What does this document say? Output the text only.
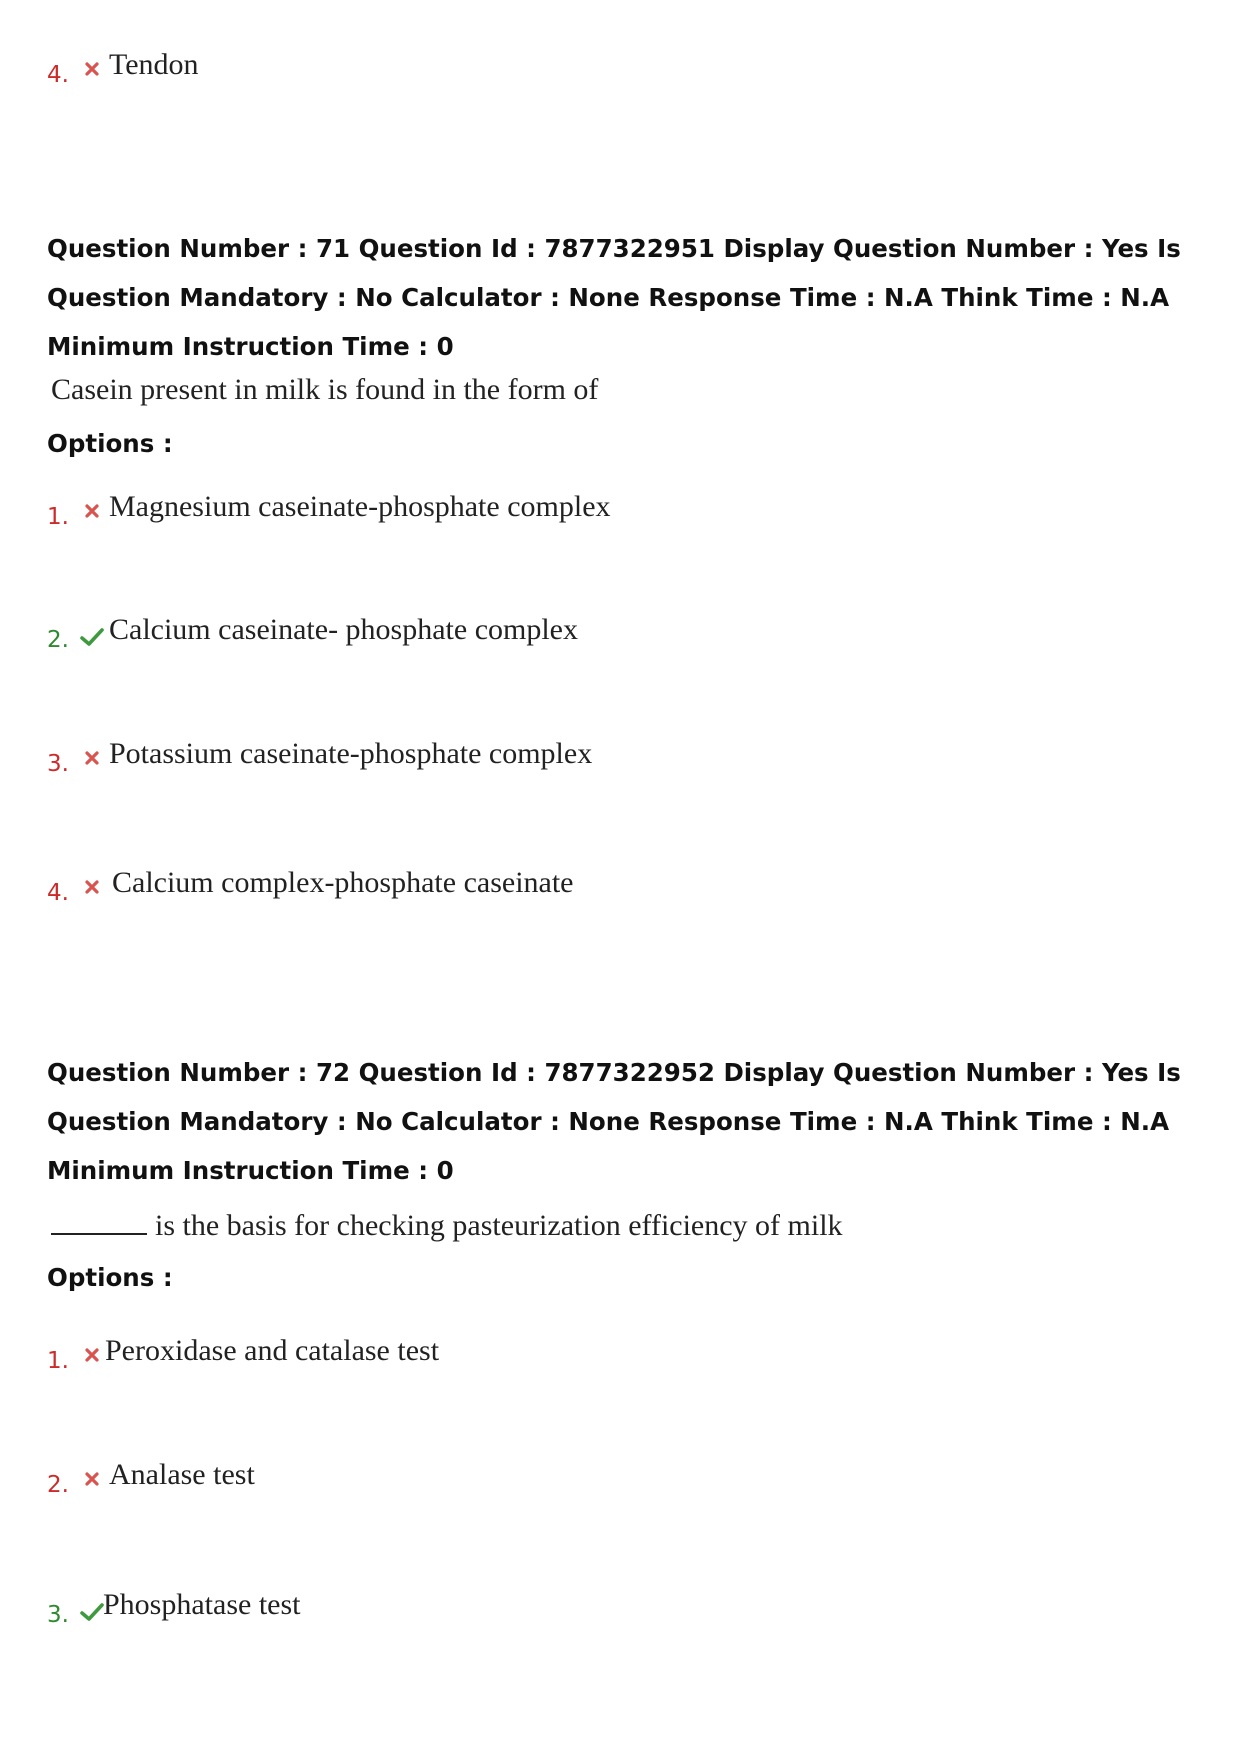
4. Tendon
Question Number : 71 Question Id : 7877322951 Display Question Number : Yes Is Question Mandatory : No Calculator : None Response Time : N.A Think Time : N.A Minimum Instruction Time : 0
Casein present in milk is found in the form of
Options :
1. Magnesium caseinate-phosphate complex
2. Calcium caseinate- phosphate complex
3. Potassium caseinate-phosphate complex
4. Calcium complex-phosphate caseinate
Question Number : 72 Question Id : 7877322952 Display Question Number : Yes Is Question Mandatory : No Calculator : None Response Time : N.A Think Time : N.A Minimum Instruction Time : 0
is the basis for checking pasteurization efficiency of milk
Options :
1. Peroxidase and catalase test
2. Analase test
3. Phosphatase test
